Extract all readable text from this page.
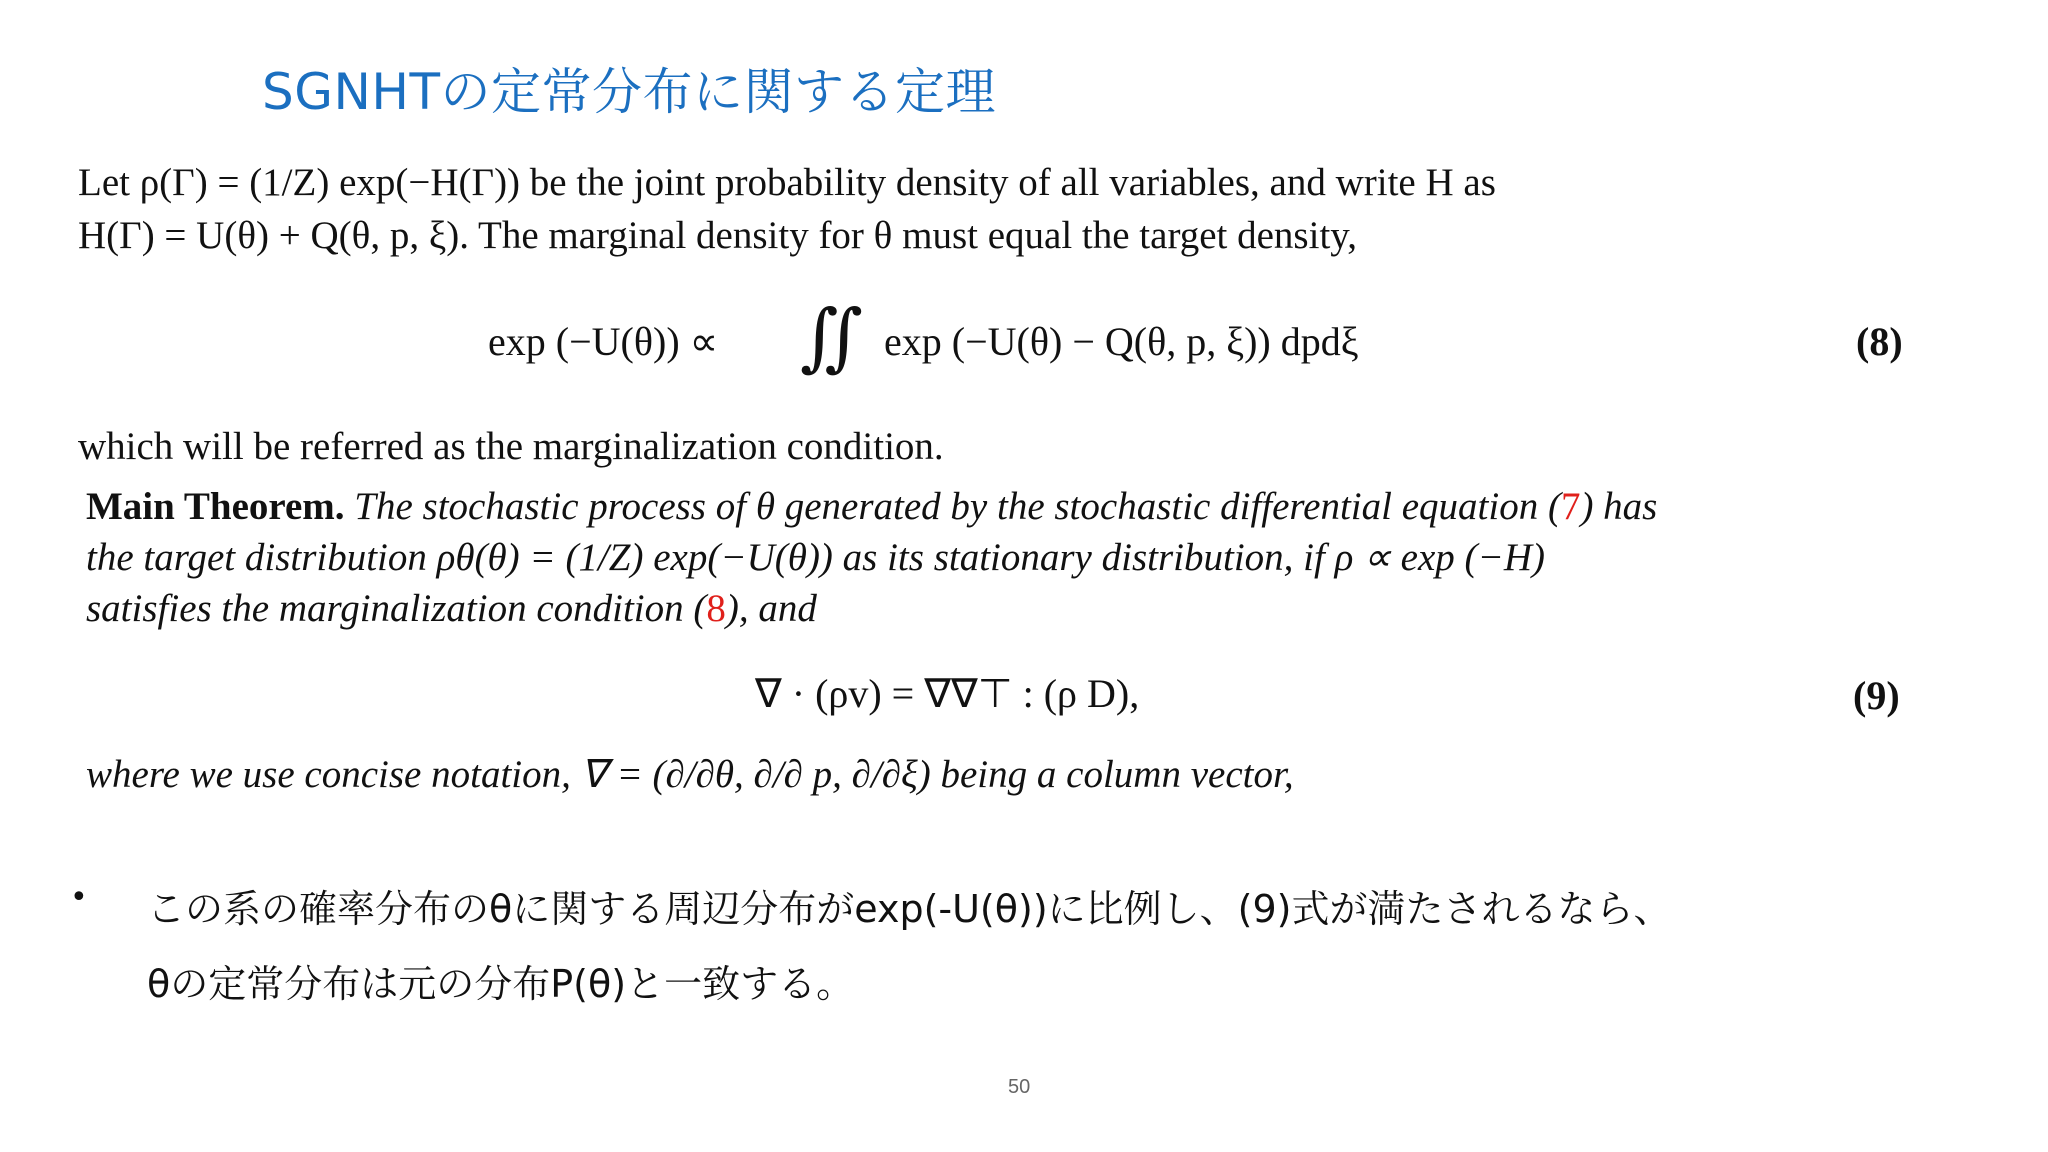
SGNHTの定常分布に関する定理
Let ρ(Γ) = (1/Z) exp(−H(Γ)) be the joint probability density of all variables, and write H as
H(Γ) = U(θ) + Q(θ, p, ξ). The marginal density for θ must equal the target density,
exp (−U(θ)) ∝ ∬ exp (−U(θ) − Q(θ, p, ξ)) dpdξ	(8)
which will be referred as the marginalization condition.
Main Theorem. The stochastic process of θ generated by the stochastic differential equation (7) has
the target distribution ρθ(θ) = (1/Z) exp(−U(θ)) as its stationary distribution, if ρ ∝ exp (−H)
satisfies the marginalization condition (8), and
∇ · (ρv) = ∇∇⊤ : (ρ D),	(9)
where we use concise notation, ∇ = (∂/∂θ, ∂/∂ p, ∂/∂ξ) being a column vector,
• この系の確率分布のθに関する周辺分布がexp(-U(θ))に比例し、(9)式が満たされるなら、
θの定常分布は元の分布P(θ)と一致する。
50
